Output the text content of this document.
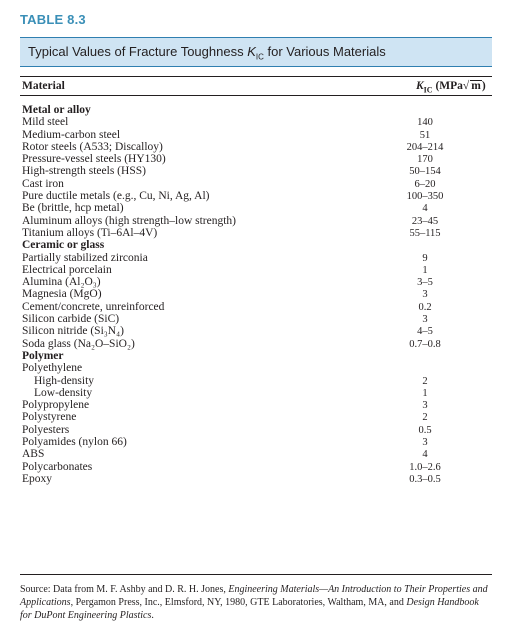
TABLE 8.3
Typical Values of Fracture Toughness $K_{IC}$ for Various Materials
Material	$K_{IC}$ (MPa√ m)
Metal or alloy
Mild steel	140
Medium-carbon steel	51
Rotor steels (A533; Discalloy)	204–214
Pressure-vessel steels (HY130)	170
High-strength steels (HSS)	50–154
Cast iron	6–20
Pure ductile metals (e.g., Cu, Ni, Ag, Al)	100–350
Be (brittle, hcp metal)	4
Aluminum alloys (high strength–low strength)	23–45
Titanium alloys (Ti–6Al–4V)	55–115
Ceramic or glass
Partially stabilized zirconia	9
Electrical porcelain	1
Alumina (Al₂O₃)	3–5
Magnesia (MgO)	3
Cement/concrete, unreinforced	0.2
Silicon carbide (SiC)	3
Silicon nitride (Si₃N₄)	4–5
Soda glass (Na₂O–SiO₂)	0.7–0.8
Polymer
Polyethylene
High-density	2
Low-density	1
Polypropylene	3
Polystyrene	2
Polyesters	0.5
Polyamides (nylon 66)	3
ABS	4
Polycarbonates	1.0–2.6
Epoxy	0.3–0.5
Source: Data from M. F. Ashby and D. R. H. Jones, Engineering Materials—An Introduction to Their Properties and Applications, Pergamon Press, Inc., Elmsford, NY, 1980, GTE Laboratories, Waltham, MA, and Design Handbook for DuPont Engineering Plastics.
